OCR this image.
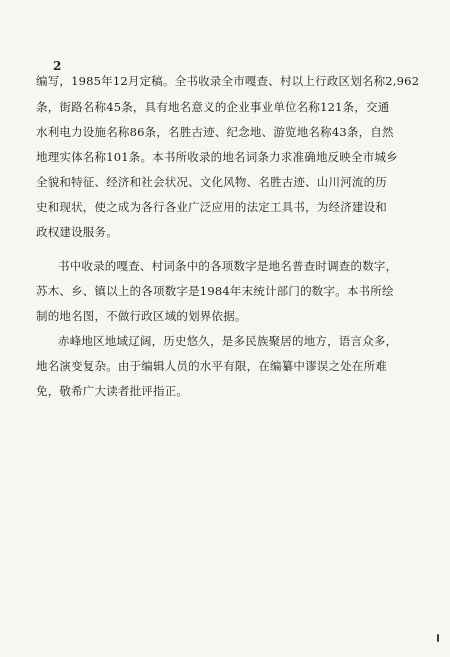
2
编写，1985年12月定稿。全书收录全市嘎查、村以上行政区划名称2,962
条，街路名称45条，具有地名意义的企业事业单位名称121条，交通
水利电力设施名称86条，名胜古迹、纪念地、游览地名称43条，自然
地理实体名称101条。本书所收录的地名词条力求准确地反映全市城乡
全貌和特征、经济和社会状况、文化风物、名胜古迹、山川河流的历
史和现状，使之成为各行各业广泛应用的法定工具书，为经济建设和
政权建设服务。
书中收录的嘎查、村词条中的各项数字是地名普查时调查的数字，
苏木、乡、镇以上的各项数字是1984年末统计部门的数字。本书所绘
制的地名图，不做行政区域的划界依据。
赤峰地区地域辽阔，历史悠久，是多民族聚居的地方，语言众多，
地名演变复杂。由于编辑人员的水平有限，在编纂中谬误之处在所难
免，敬希广大读者批评指正。
